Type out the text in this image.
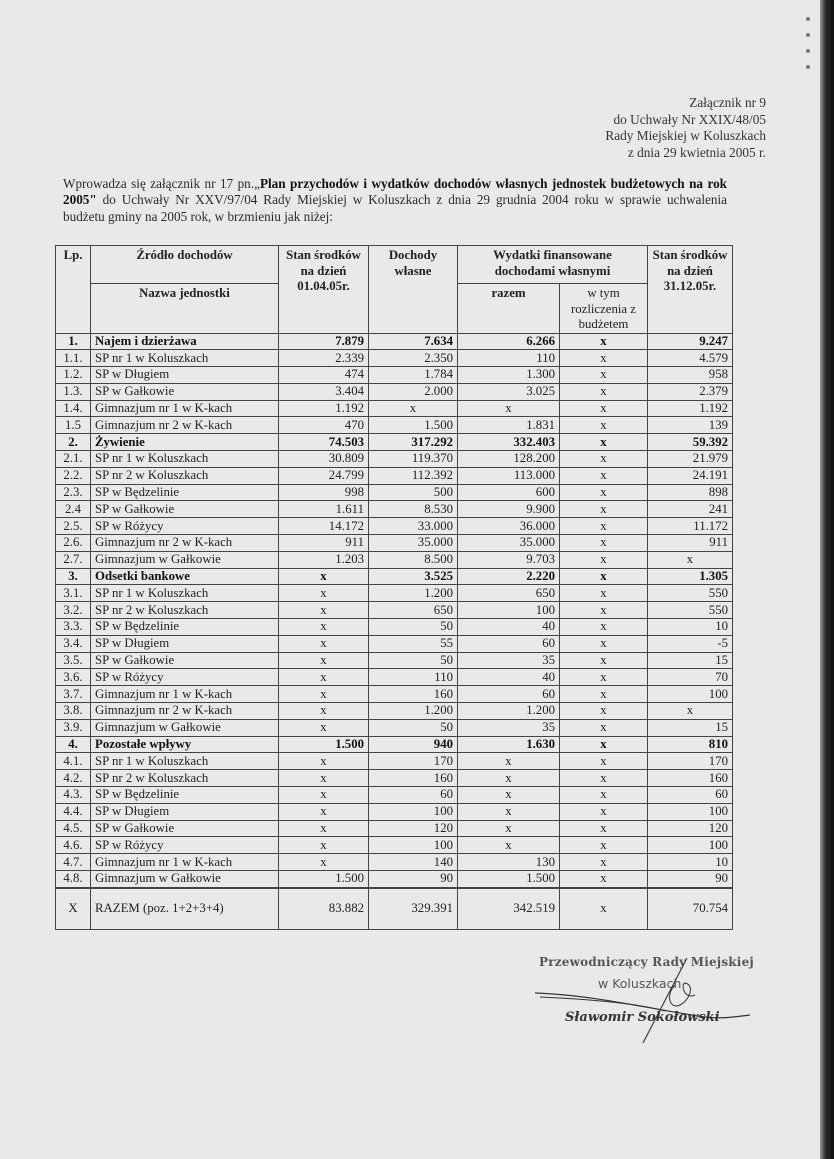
Załącznik nr 9
do Uchwały Nr XXIX/48/05
Rady Miejskiej w Koluszkach
z dnia 29 kwietnia 2005 r.
Wprowadza się załącznik nr 17 pn.„Plan przychodów i wydatków dochodów własnych jednostek budżetowych na rok 2005" do Uchwały Nr XXV/97/04 Rady Miejskiej w Koluszkach z dnia 29 grudnia 2004 roku w sprawie uchwalenia budżetu gminy na 2005 rok, w brzmieniu jak niżej:
Lp.	Źródło dochodów	Stan środków na dzień 01.04.05r.	Dochody własne	Wydatki finansowane dochodami własnymi		Stan środków na dzień 31.12.05r.
	Nazwa jednostki			razem	w tym rozliczenia z budżetem	
1.	Najem i dzierżawa	7.879	7.634	6.266	x	9.247
1.1.	SP nr 1 w Koluszkach	2.339	2.350	110	x	4.579
1.2.	SP w Długiem	474	1.784	1.300	x	958
1.3.	SP w Gałkowie	3.404	2.000	3.025	x	2.379
1.4.	Gimnazjum nr 1 w K-kach	1.192	x	x	x	1.192
1.5	Gimnazjum nr 2 w K-kach	470	1.500	1.831	x	139
2.	Żywienie	74.503	317.292	332.403	x	59.392
2.1.	SP nr 1 w Koluszkach	30.809	119.370	128.200	x	21.979
2.2.	SP nr 2 w Koluszkach	24.799	112.392	113.000	x	24.191
2.3.	SP w Będzelinie	998	500	600	x	898
2.4	SP w Gałkowie	1.611	8.530	9.900	x	241
2.5.	SP w Różycy	14.172	33.000	36.000	x	11.172
2.6.	Gimnazjum nr 2 w K-kach	911	35.000	35.000	x	911
2.7.	Gimnazjum w Gałkowie	1.203	8.500	9.703	x	x
3.	Odsetki bankowe	x	3.525	2.220	x	1.305
3.1.	SP nr 1 w Koluszkach	x	1.200	650	x	550
3.2.	SP nr 2 w Koluszkach	x	650	100	x	550
3.3.	SP w Będzelinie	x	50	40	x	10
3.4.	SP w Długiem	x	55	60	x	-5
3.5.	SP w Gałkowie	x	50	35	x	15
3.6.	SP w Różycy	x	110	40	x	70
3.7.	Gimnazjum nr 1 w K-kach	x	160	60	x	100
3.8.	Gimnazjum nr 2 w K-kach	x	1.200	1.200	x	x
3.9.	Gimnazjum w Gałkowie	x	50	35	x	15
4.	Pozostałe wpływy	1.500	940	1.630	x	810
4.1.	SP nr 1 w Koluszkach	x	170	x	x	170
4.2.	SP nr 2 w Koluszkach	x	160	x	x	160
4.3.	SP w Będzelinie	x	60	x	x	60
4.4.	SP w Długiem	x	100	x	x	100
4.5.	SP w Gałkowie	x	120	x	x	120
4.6.	SP w Różycy	x	100	x	x	100
4.7.	Gimnazjum nr 1 w K-kach	x	140	130	x	10
4.8.	Gimnazjum w Gałkowie	1.500	90	1.500	x	90
X	RAZEM (poz. 1+2+3+4)	83.882	329.391	342.519	x	70.754
Przewodniczący Rady Miejskiej
w Koluszkach
Sławomir Sokołowski
